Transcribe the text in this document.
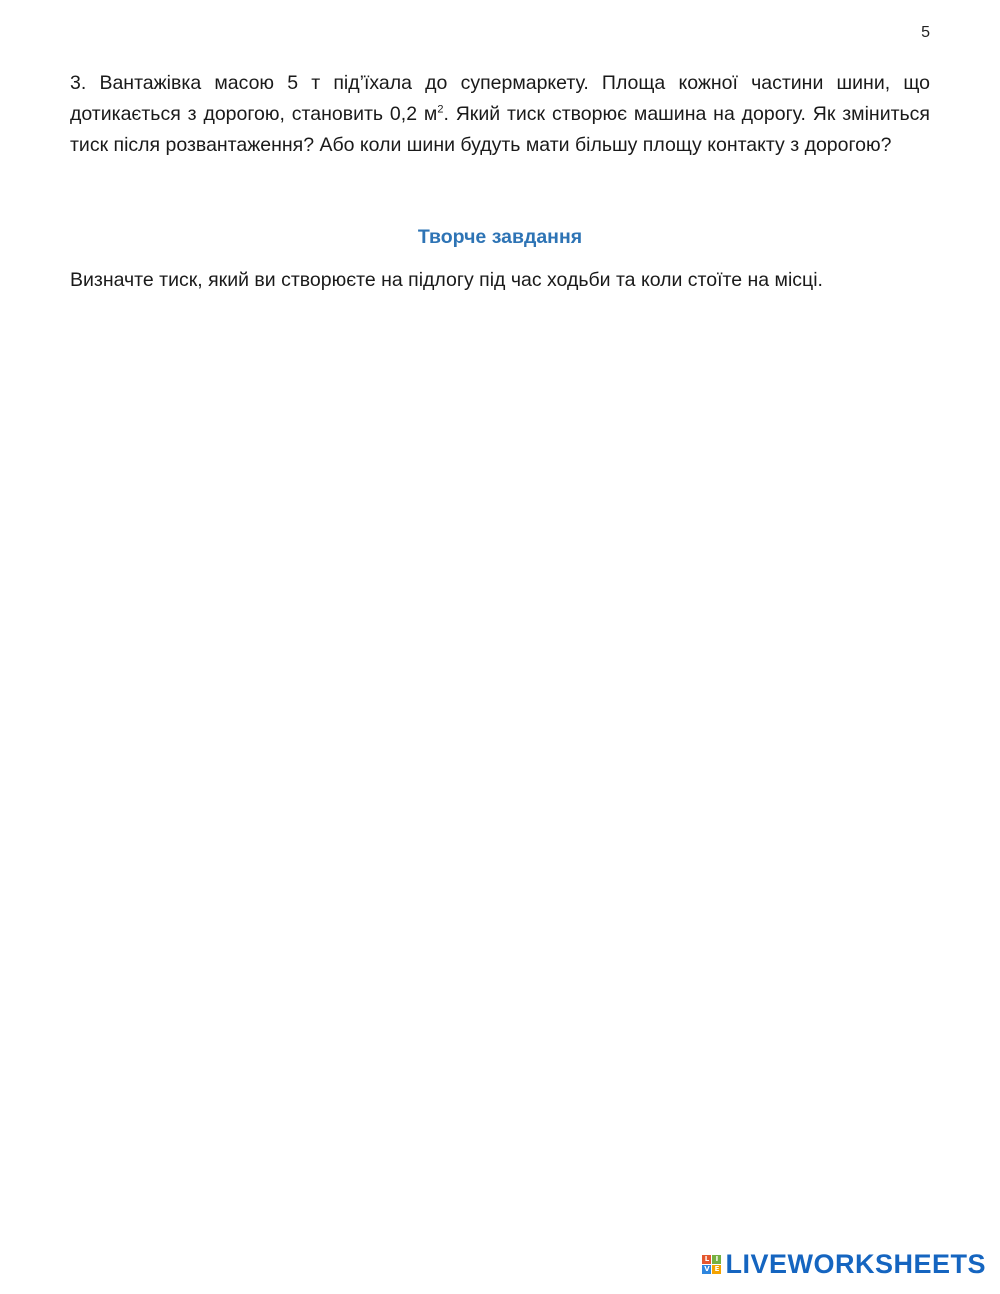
5

3. Вантажівка масою 5 т під’їхала до супермаркету. Площа кожної частини шини, що дотикається з дорогою, становить 0,2 $м^2$. Який тиск створює машина на дорогу. Як зміниться тиск після розвантаження? Або коли шини будуть мати більшу площу контакту з дорогою?

Творче завдання

Визначте тиск, який ви створюєте на підлогу під час ходьби та коли стоїте на місці.

L I
V E LIVEWORKSHEETS
